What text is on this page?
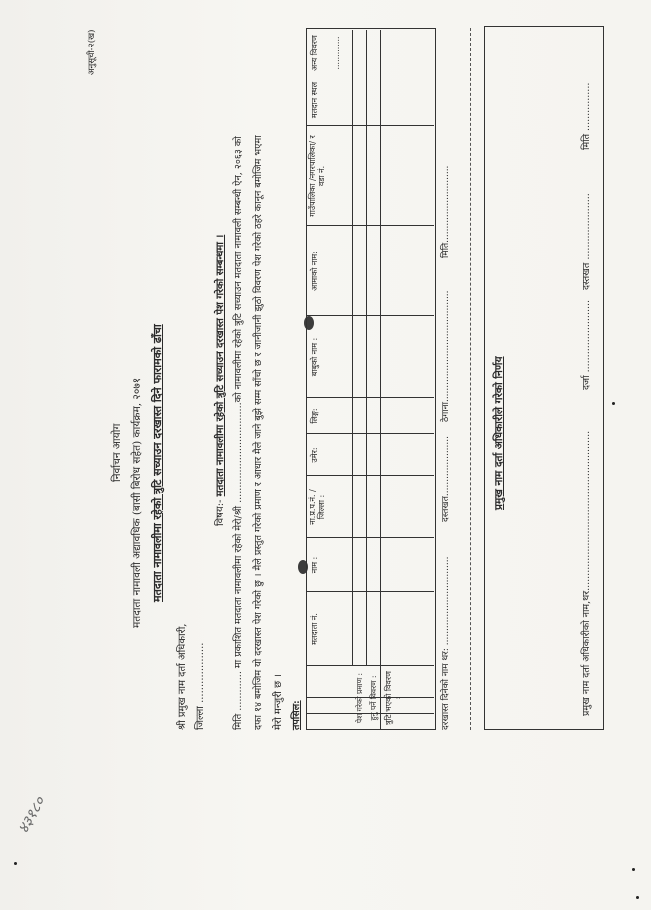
४३१८०
अनुसूची-२(ख)
निर्वाचन आयोग मतदाता नामावली अद्यावधिक (बासी बिरोध सहेत) कार्यक्रम, २०७१ मतदाता नामावलीमा रहेको त्रुटि सच्याउन दरखास्त दिने फारामको ढाँचा
श्री प्रमुख नाम दर्ता अधिकारी, जिल्ला ...................
विषय:- मतदाता नामावलीमा रहेको त्रुटि सच्याउन दरखास्त पेश गरेको सम्बन्धमा । मिति ............. मा प्रकाशित मतदाता नामावलीमा रहेको मेरो/श्री .................................को नामावलीमा रहेको त्रुटि सच्याउन मतदाता नामावली सम्बन्धी ऐन, २०६३ को दफा १४ बमोजिम यो दरखास्त पेश गरेको छु । मैले प्रस्तुत गरेको प्रमाण र आधार मैले जाने बुझे सम्म साँचो छ र जानीजानी झुठो विवरण पेश गरेको ठहरे कानून बमोजिम भएमा मेरो मन्जुरी छ । तपसिल:
मतदाता नं.
नाम :
ना.प्र.प.नं. /जिल्ला :
उमेर:
लिङ्ग:
बाबुको नाम :
आमाको नाम:
गाउँपालिका /नगरपालिका/ र वडा नं.
मतदान स्थल
अन्य विवरण .............
त्रुटि भएको विवरण :
हुनु पर्ने विवरण :
पेश गरेको प्रमाण :	दरखास्त दिनेको नाम थर: ...............................
दस्तखत.....................
ठेगाना.......................................
मिति...........................
प्रमुख नाम दर्ता अधिकारीले गरेको निर्णय	प्रमुख नाम दर्ता अधिकारीको नाम,थर.....................................................
दर्जा ........................
दस्तखत ......................
मिति ................
